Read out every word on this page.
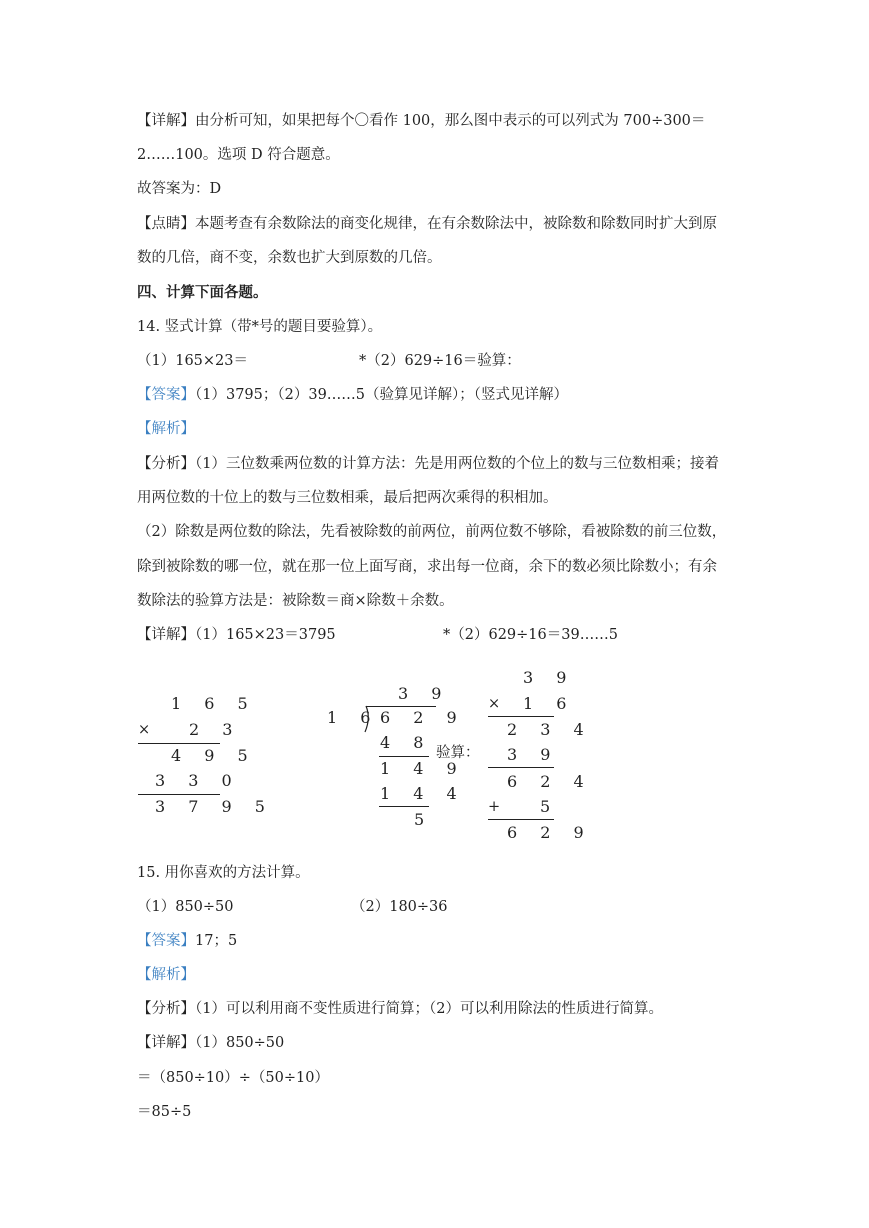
【详解】由分析可知，如果把每个〇看作 100，那么图中表示的可以列式为 700÷300＝
2……100。选项 D 符合题意。
故答案为：D
【点睛】本题考查有余数除法的商变化规律，在有余数除法中，被除数和除数同时扩大到原
数的几倍，商不变，余数也扩大到原数的几倍。
四、计算下面各题。
14. 竖式计算（带*号的题目要验算）。
（1）165×23＝	*（2）629÷16＝验算：
【答案】（1）3795；（2）39……5（验算见详解）；（竖式见详解）
【解析】
【分析】（1）三位数乘两位数的计算方法：先是用两位数的个位上的数与三位数相乘；接着
用两位数的十位上的数与三位数相乘，最后把两次乘得的积相加。
（2）除数是两位数的除法，先看被除数的前两位，前两位数不够除，看被除数的前三位数，
除到被除数的哪一位，就在那一位上面写商，求出每一位商，余下的数必须比除数小；有余
数除法的验算方法是：被除数＝商×除数＋余数。
【详解】（1）165×23＝3795	*（2）629÷16＝39……5
1 6 5
× 2 3
4 9 5
3 3 0
3 7 9 5
3 9
1 6 6 2 9
4 8
验算：
1 4 9
1 4 4
5
3 9
× 1 6
2 3 4
3 9
6 2 4
+ 5
6 2 9
15. 用你喜欢的方法计算。
（1）850÷50	（2）180÷36
【答案】17；5
【解析】
【分析】（1）可以利用商不变性质进行简算；（2）可以利用除法的性质进行简算。
【详解】（1）850÷50
＝（850÷10）÷（50÷10）
＝85÷5
